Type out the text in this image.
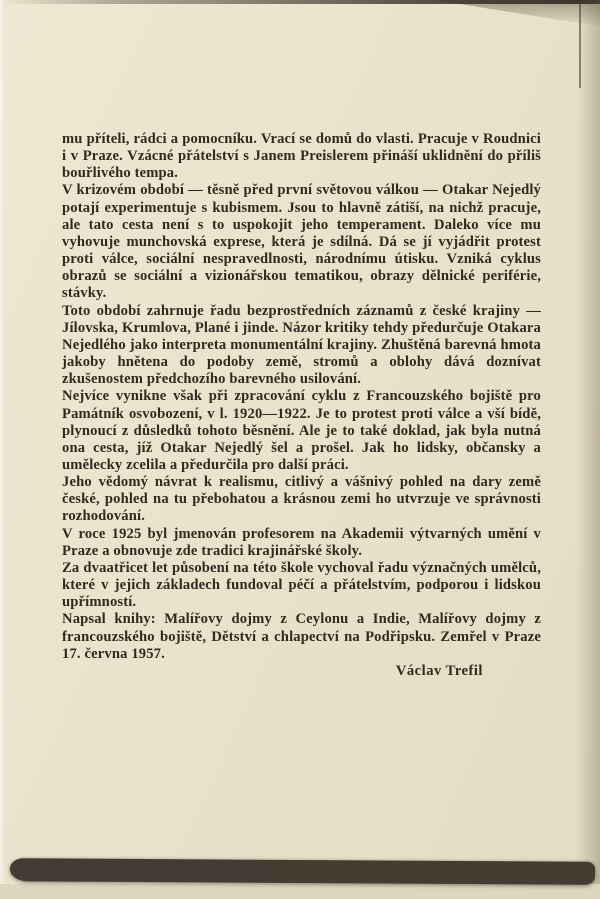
mu příteli, rádci a pomocníku. Vrací se domů do vlasti. Pracuje v Roudnici i v Praze. Vzácné přátelství s Janem Preislerem přináší uklidnění do příliš bouřlivého tempa.

V krizovém období — těsně před první světovou válkou — Otakar Nejedlý potají experimentuje s kubismem. Jsou to hlavně zátiší, na nichž pracuje, ale tato cesta není s to uspokojit jeho temperament. Daleko více mu vyhovuje munchovská exprese, která je sdílná. Dá se jí vyjádřit protest proti válce, sociální nespravedlnosti, národnímu útisku. Vzniká cyklus obrazů se sociální a vizionářskou tematikou, obrazy dělnické periférie, stávky.

Toto období zahrnuje řadu bezprostředních záznamů z české krajiny — Jílovska, Krumlova, Plané i jinde. Názor kritiky tehdy předurčuje Otakara Nejedlého jako interpreta monumentální krajiny. Zhuštěná barevná hmota jakoby hnětena do podoby země, stromů a oblohy dává doznívat zkušenostem předchozího barevného usilování.

Nejvíce vynikne však při zpracování cyklu z Francouzského bojiště pro Památník osvobození, v l. 1920—1922. Je to protest proti válce a vší bídě, plynoucí z důsledků tohoto běsnění. Ale je to také doklad, jak byla nutná ona cesta, jíž Otakar Nejedlý šel a prošel. Jak ho lidsky, občansky a umělecky zcelila a předurčila pro další práci.

Jeho vědomý návrat k realismu, citlivý a vášnivý pohled na dary země české, pohled na tu přebohatou a krásnou zemi ho utvrzuje ve správnosti rozhodování.

V roce 1925 byl jmenován profesorem na Akademii výtvarných umění v Praze a obnovuje zde tradici krajinářské školy.

Za dvaatřicet let působení na této škole vychoval řadu význačných umělců, které v jejich základech fundoval péčí a přátelstvím, podporou i lidskou upřímností.

Napsal knihy: Malířovy dojmy z Ceylonu a Indie, Malířovy dojmy z francouzského bojiště, Dětství a chlapectví na Podřipsku. Zemřel v Praze 17. června 1957.

Václav Trefil
